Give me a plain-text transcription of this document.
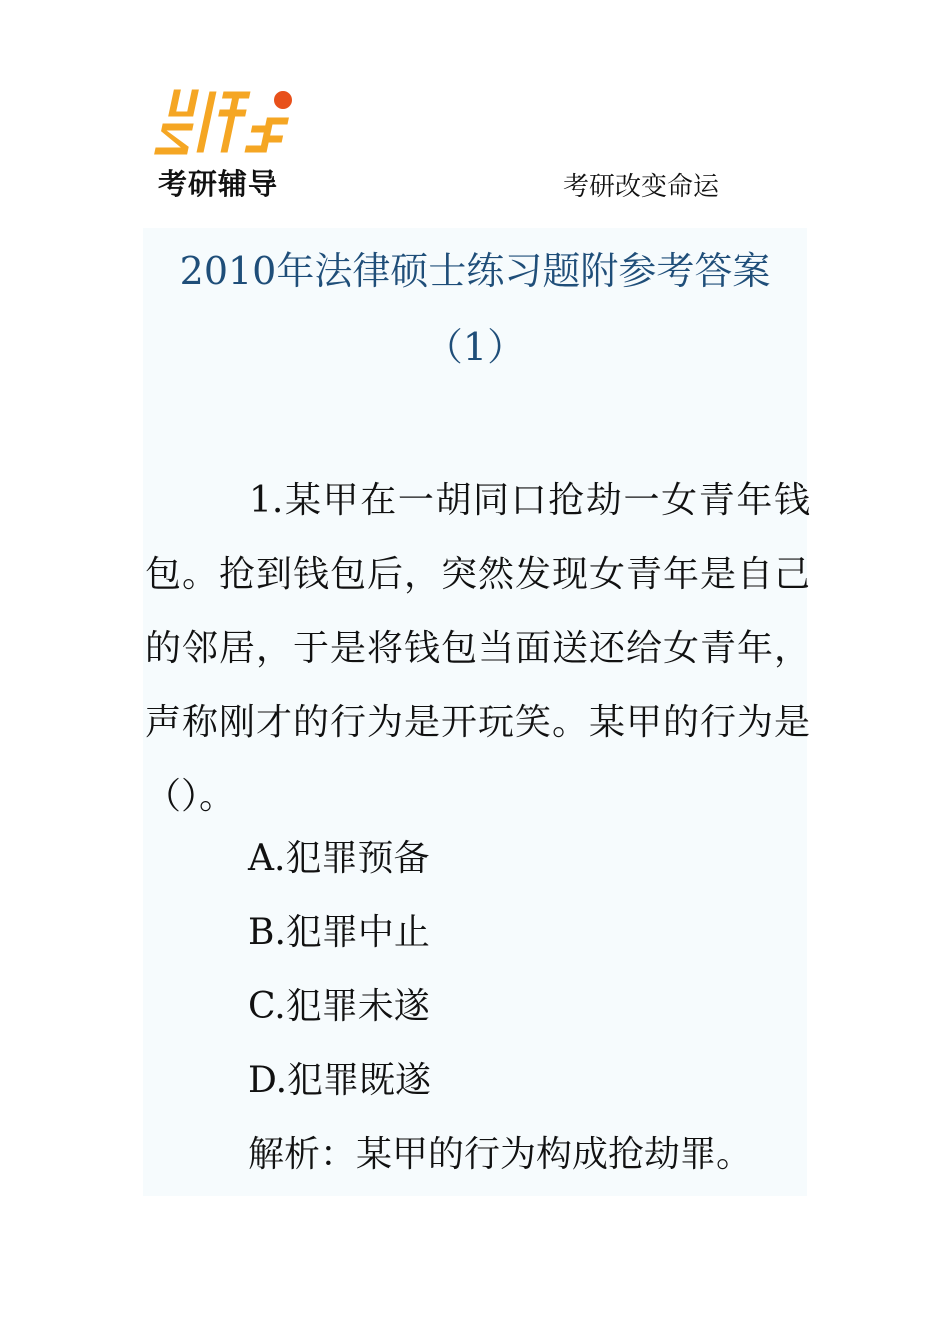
考研辅导	考研改变命运
2010年法律硕士练习题附参考答案
（1）
1.某甲在一胡同口抢劫一女青年钱包。抢到钱包后，突然发现女青年是自己的邻居，于是将钱包当面送还给女青年，声称刚才的行为是开玩笑。某甲的行为是（）。
A.犯罪预备
B.犯罪中止
C.犯罪未遂
D.犯罪既遂
解析：某甲的行为构成抢劫罪。
